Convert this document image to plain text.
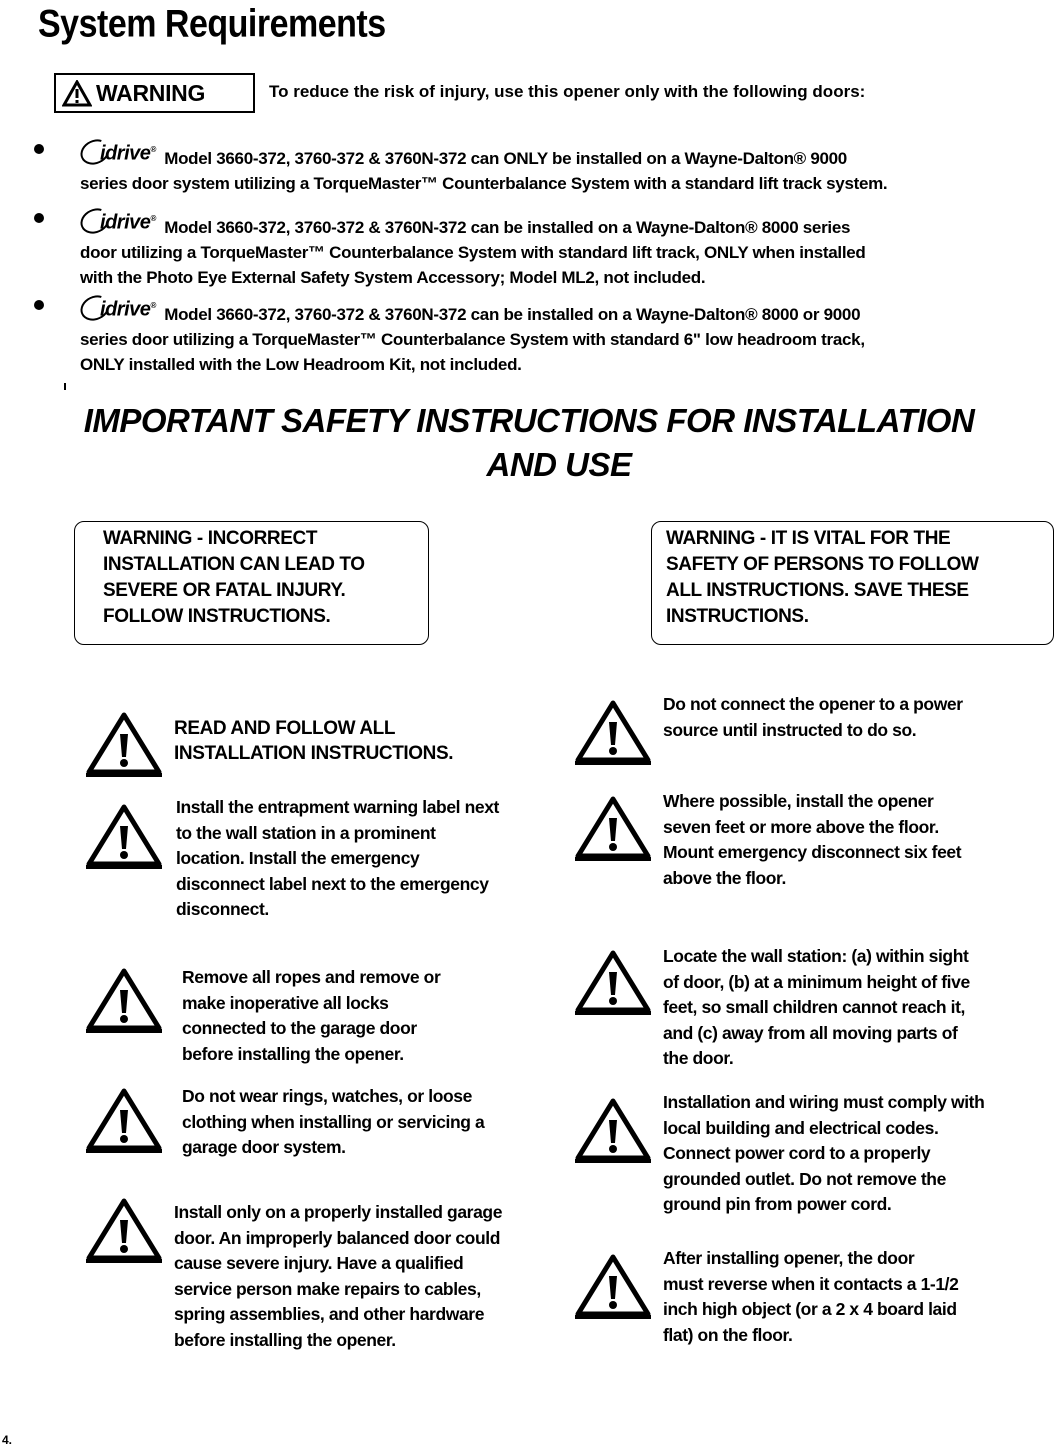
System Requirements
WARNING	To reduce the risk of injury, use this opener only with the following doors:
idrive® Model 3660-372, 3760-372 & 3760N-372 can ONLY be installed on a Wayne-Dalton® 9000
series door system utilizing a TorqueMaster™ Counterbalance System with a standard lift track system.
idrive® Model 3660-372, 3760-372 & 3760N-372 can be installed on a Wayne-Dalton® 8000 series
door utilizing a TorqueMaster™ Counterbalance System with standard lift track, ONLY when installed
with the Photo Eye External Safety System Accessory; Model ML2, not included.
idrive® Model 3660-372, 3760-372 & 3760N-372 can be installed on a Wayne-Dalton® 8000 or 9000
series door utilizing a TorqueMaster™ Counterbalance System with standard 6" low headroom track,
ONLY installed with the Low Headroom Kit, not included.
IMPORTANT SAFETY INSTRUCTIONS FOR INSTALLATION
AND USE
WARNING - INCORRECT
INSTALLATION CAN LEAD TO
SEVERE OR FATAL INJURY.
FOLLOW INSTRUCTIONS.
WARNING - IT IS VITAL FOR THE
SAFETY OF PERSONS TO FOLLOW
ALL INSTRUCTIONS. SAVE THESE
INSTRUCTIONS.
READ AND FOLLOW ALL
INSTALLATION INSTRUCTIONS.
Install the entrapment warning label next
to the wall station in a prominent
location. Install the emergency
disconnect label next to the emergency
disconnect.
Remove all ropes and remove or
make inoperative all locks
connected to the garage door
before installing the opener.
Do not wear rings, watches, or loose
clothing when installing or servicing a
garage door system.
Install only on a properly installed garage
door. An improperly balanced door could
cause severe injury. Have a qualified
service person make repairs to cables,
spring assemblies, and other hardware
before installing the opener.
Do not connect the opener to a power
source until instructed to do so.
Where possible, install the opener
seven feet or more above the floor.
Mount emergency disconnect six feet
above the floor.
Locate the wall station: (a) within sight
of door, (b) at a minimum height of five
feet, so small children cannot reach it,
and (c) away from all moving parts of
the door.
Installation and wiring must comply with
local building and electrical codes.
Connect power cord to a properly
grounded outlet. Do not remove the
ground pin from power cord.
After installing opener, the door
must reverse when it contacts a 1-1/2
inch high object (or a 2 x 4 board laid
flat) on the floor.
4.
